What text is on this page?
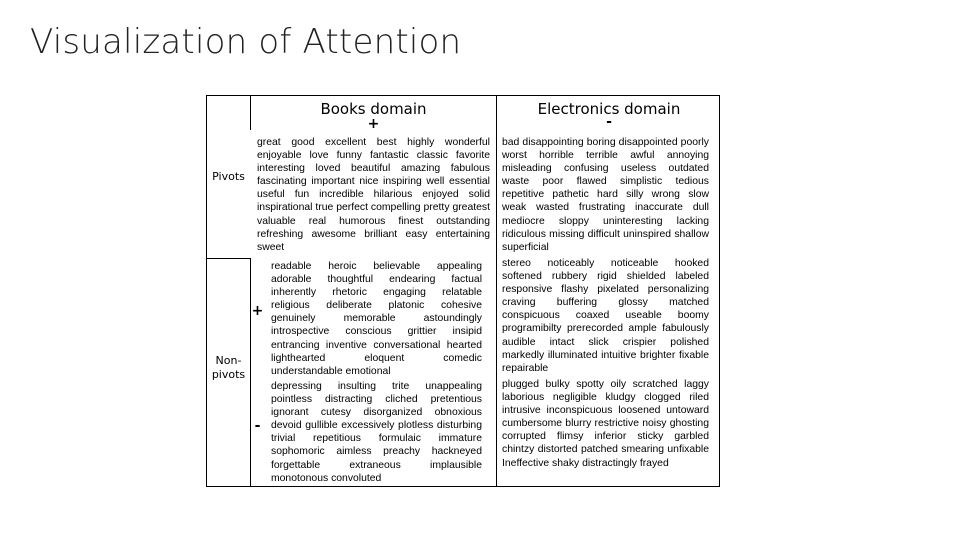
Visualization of Attention
Books domain
+
Electronics domain
-
Pivots
Non-
pivots
+
-
great good excellent best highly wonderful enjoyable love funny fantastic classic favorite interesting loved beautiful amazing fabulous fascinating important nice inspiring well essential useful fun incredible hilarious enjoyed solid inspirational true perfect compelling pretty greatest valuable real humorous finest outstanding refreshing awesome brilliant easy entertaining sweet
bad disappointing boring disappointed poorly worst horrible terrible awful annoying misleading confusing useless outdated waste poor flawed simplistic tedious repetitive pathetic hard silly wrong slow weak wasted frustrating inaccurate dull mediocre sloppy uninteresting lacking ridiculous missing difficult uninspired shallow superficial
readable heroic believable appealing adorable thoughtful endearing factual inherently rhetoric engaging relatable religious deliberate platonic cohesive genuinely memorable astoundingly introspective conscious grittier insipid entrancing inventive conversational hearted lighthearted eloquent comedic understandable emotional
stereo noticeably noticeable hooked softened rubbery rigid shielded labeled responsive flashy pixelated personalizing craving buffering glossy matched conspicuous coaxed useable boomy programibilty prerecorded ample fabulously audible intact slick crispier polished markedly illuminated intuitive brighter fixable repairable
depressing insulting trite unappealing pointless distracting cliched pretentious ignorant cutesy disorganized obnoxious devoid gullible excessively plotless disturbing trivial repetitious formulaic immature sophomoric aimless preachy hackneyed forgettable extraneous implausible monotonous convoluted
plugged bulky spotty oily scratched laggy laborious negligible kludgy clogged riled intrusive inconspicuous loosened untoward cumbersome blurry restrictive noisy ghosting corrupted flimsy inferior sticky garbled chintzy distorted patched smearing unfixable Ineffective shaky distractingly frayed
